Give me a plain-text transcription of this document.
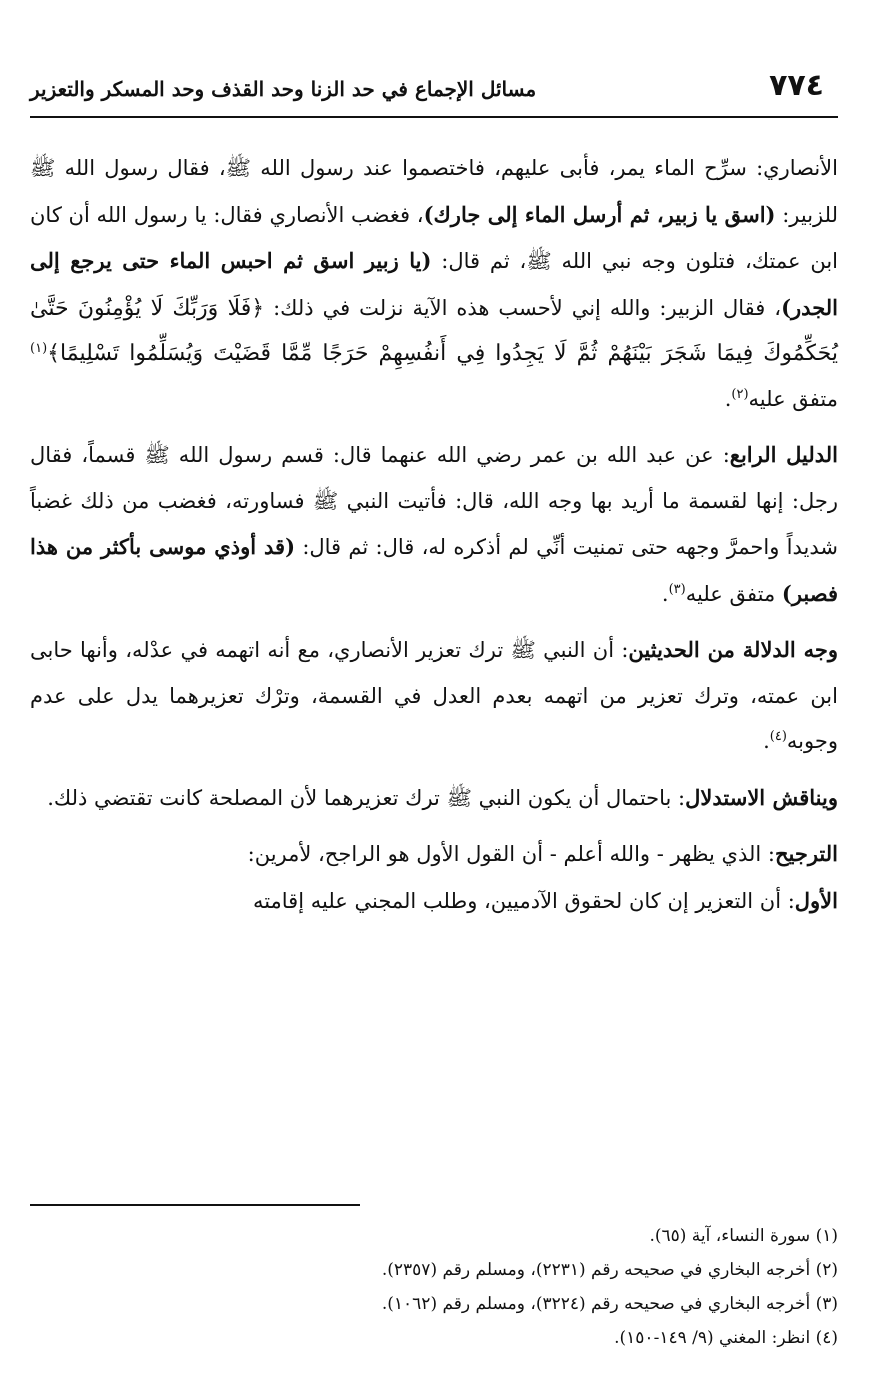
٧٧٤
مسائل الإجماع في حد الزنا وحد القذف وحد المسكر والتعزير

الأنصاري: سرِّح الماء يمر، فأبى عليهم، فاختصموا عند رسول الله ﷺ، فقال رسول الله ﷺ للزبير: (اسق يا زبير، ثم أرسل الماء إلى جارك)، فغضب الأنصاري فقال: يا رسول الله أن كان ابن عمتك، فتلون وجه نبي الله ﷺ، ثم قال: (يا زبير اسق ثم احبس الماء حتى يرجع إلى الجدر)، فقال الزبير: والله إني لأحسب هذه الآية نزلت في ذلك: ﴿فَلَا وَرَبِّكَ لَا يُؤْمِنُونَ حَتَّىٰ يُحَكِّمُوكَ فِيمَا شَجَرَ بَيْنَهُمْ ثُمَّ لَا يَجِدُوا فِي أَنفُسِهِمْ حَرَجًا مِّمَّا قَضَيْتَ وَيُسَلِّمُوا تَسْلِيمًا﴾$^{(١)}$ متفق عليه$^{(٢)}$.

الدليل الرابع: عن عبد الله بن عمر رضي الله عنهما قال: قسم رسول الله ﷺ قسماً، فقال رجل: إنها لقسمة ما أريد بها وجه الله، قال: فأتيت النبي ﷺ فساورته، فغضب من ذلك غضباً شديداً واحمرَّ وجهه حتى تمنيت أنِّي لم أذكره له، قال: ثم قال: (قد أوذي موسى بأكثر من هذا فصبر) متفق عليه$^{(٣)}$.

وجه الدلالة من الحديثين: أن النبي ﷺ ترك تعزير الأنصاري، مع أنه اتهمه في عدْله، وأنها حابى ابن عمته، وترك تعزير من اتهمه بعدم العدل في القسمة، وترْك تعزيرهما يدل على عدم وجوبه$^{(٤)}$.

ويناقش الاستدلال: باحتمال أن يكون النبي ﷺ ترك تعزيرهما لأن المصلحة كانت تقتضي ذلك.

الترجيح: الذي يظهر - والله أعلم - أن القول الأول هو الراجح، لأمرين:

الأول: أن التعزير إن كان لحقوق الآدميين، وطلب المجني عليه إقامته

(١) سورة النساء، آية (٦٥).
(٢) أخرجه البخاري في صحيحه رقم (٢٢٣١)، ومسلم رقم (٢٣٥٧).
(٣) أخرجه البخاري في صحيحه رقم (٣٢٢٤)، ومسلم رقم (١٠٦٢).
(٤) انظر: المغني (٩/ ١٤٩-١٥٠).
